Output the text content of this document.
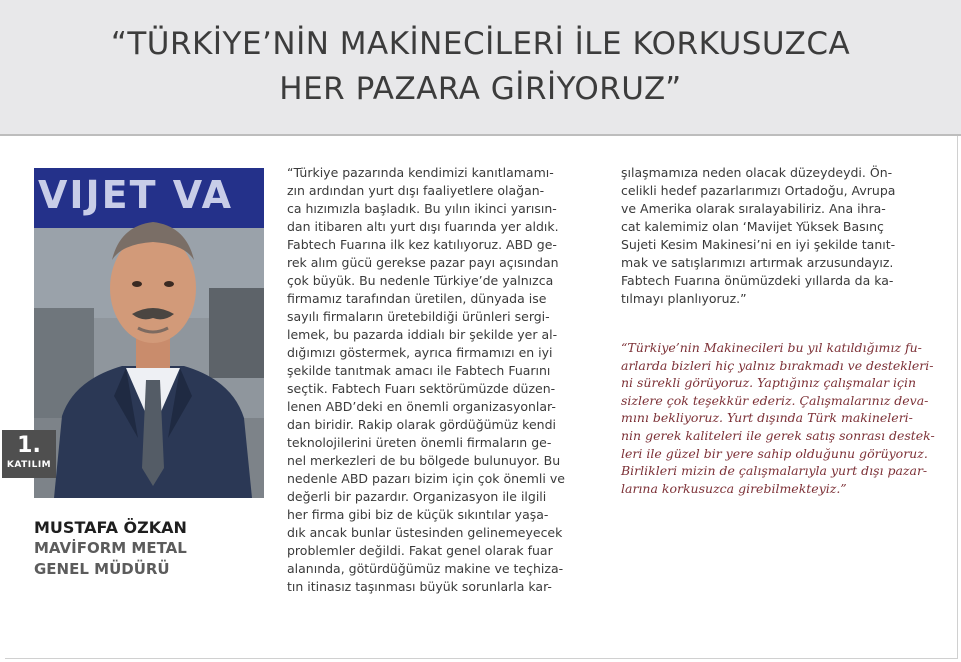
“TÜRKİYE’NİN MAKİNECİLERİ İLE KORKUSUZCA
HER PAZARA GİRİYORUZ”
VIJET VA
1.
KATILIM
MUSTAFA ÖZKAN
MAVİFORM METAL
GENEL MÜDÜRÜ
“Türkiye pazarında kendimizi kanıtlamamı-
zın ardından yurt dışı faaliyetlere olağan-
ca hızımızla başladık. Bu yılın ikinci yarısın-
dan itibaren altı yurt dışı fuarında yer aldık.
Fabtech Fuarına ilk kez katılıyoruz. ABD ge-
rek alım gücü gerekse pazar payı açısından
çok büyük. Bu nedenle Türkiye’de yalnızca
firmamız tarafından üretilen, dünyada ise
sayılı firmaların üretebildiği ürünleri sergi-
lemek, bu pazarda iddialı bir şekilde yer al-
dığımızı göstermek, ayrıca firmamızı en iyi
şekilde tanıtmak amacı ile Fabtech Fuarını
seçtik. Fabtech Fuarı sektörümüzde düzen-
lenen ABD’deki en önemli organizasyonlar-
dan biridir. Rakip olarak gördüğümüz kendi
teknolojilerini üreten önemli firmaların ge-
nel merkezleri de bu bölgede bulunuyor. Bu
nedenle ABD pazarı bizim için çok önemli ve
değerli bir pazardır. Organizasyon ile ilgili
her firma gibi biz de küçük sıkıntılar yaşa-
dık ancak bunlar üstesinden gelinemeyecek
problemler değildi. Fakat genel olarak fuar
alanında, götürdüğümüz makine ve teçhiza-
tın itinasız taşınması büyük sorunlarla kar-
şılaşmamıza neden olacak düzeydeydi. Ön-
celikli hedef pazarlarımızı Ortadoğu, Avrupa
ve Amerika olarak sıralayabiliriz. Ana ihra-
cat kalemimiz olan ‘Mavijet Yüksek Basınç
Sujeti Kesim Makinesi’ni en iyi şekilde tanıt-
mak ve satışlarımızı artırmak arzusundayız.
Fabtech Fuarına önümüzdeki yıllarda da ka-
tılmayı planlıyoruz.”
“Türkiye’nin Makinecileri bu yıl katıldığımız fu-
arlarda bizleri hiç yalnız bırakmadı ve destekleri-
ni sürekli görüyoruz. Yaptığınız çalışmalar için
sizlere çok teşekkür ederiz. Çalışmalarınız deva-
mını bekliyoruz. Yurt dışında Türk makineleri-
nin gerek kaliteleri ile gerek satış sonrası destek-
leri ile güzel bir yere sahip olduğunu görüyoruz.
Birlikleri mizin de çalışmalarıyla yurt dışı pazar-
larına korkusuzca girebilmekteyiz.”
